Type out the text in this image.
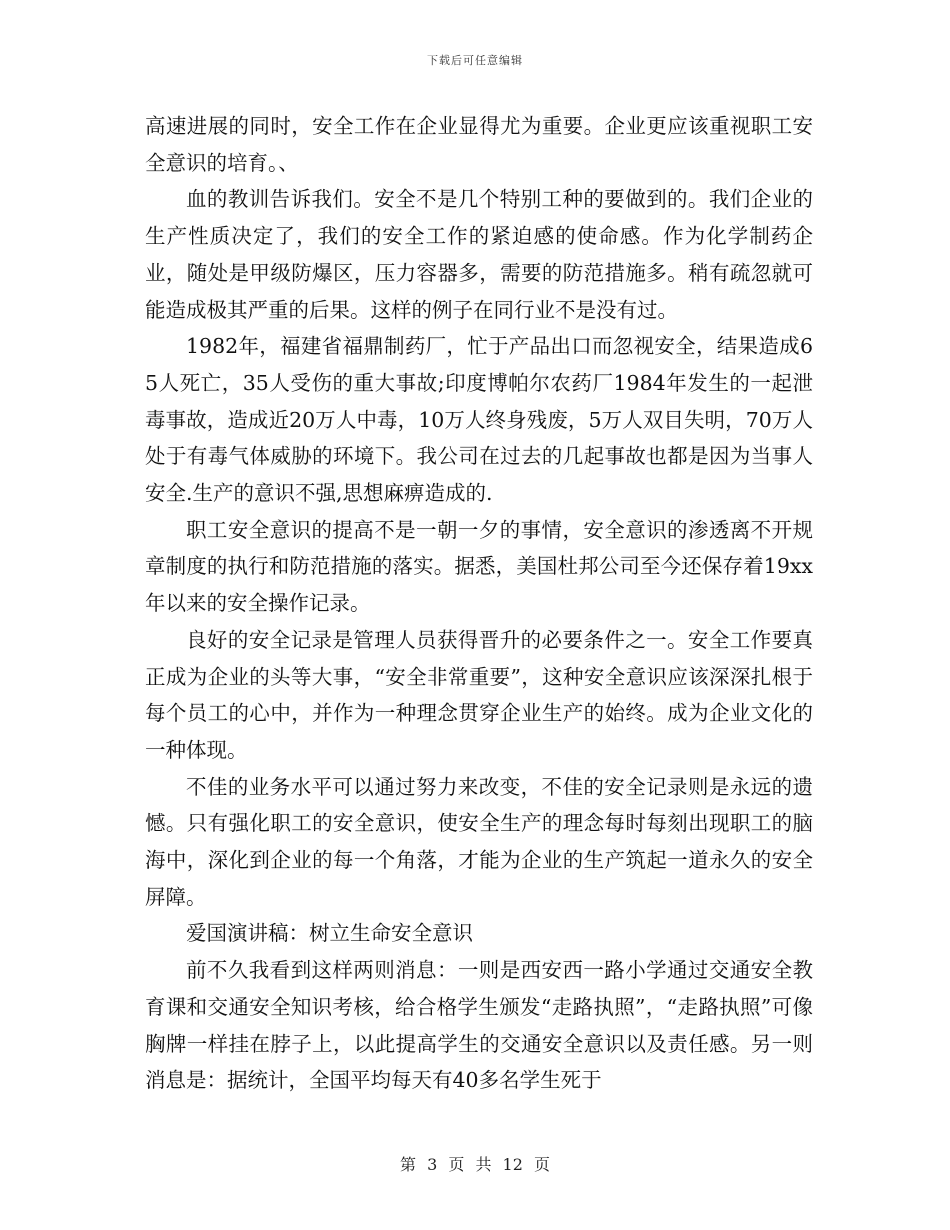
下载后可任意编辑

高速进展的同时，安全工作在企业显得尤为重要。企业更应该重视职工安全意识的培育。、

血的教训告诉我们。安全不是几个特别工种的要做到的。我们企业的生产性质决定了，我们的安全工作的紧迫感的使命感。作为化学制药企业，随处是甲级防爆区，压力容器多，需要的防范措施多。稍有疏忽就可能造成极其严重的后果。这样的例子在同行业不是没有过。

1982年，福建省福鼎制药厂，忙于产品出口而忽视安全，结果造成65人死亡，35人受伤的重大事故;印度博帕尔农药厂1984年发生的一起泄毒事故，造成近20万人中毒，10万人终身残废，5万人双目失明，70万人处于有毒气体威胁的环境下。我公司在过去的几起事故也都是因为当事人安全.生产的意识不强,思想麻痹造成的.

职工安全意识的提高不是一朝一夕的事情，安全意识的渗透离不开规章制度的执行和防范措施的落实。据悉，美国杜邦公司至今还保存着19xx年以来的安全操作记录。

良好的安全记录是管理人员获得晋升的必要条件之一。安全工作要真正成为企业的头等大事，“安全非常重要”，这种安全意识应该深深扎根于每个员工的心中，并作为一种理念贯穿企业生产的始终。成为企业文化的一种体现。

不佳的业务水平可以通过努力来改变，不佳的安全记录则是永远的遗憾。只有强化职工的安全意识，使安全生产的理念每时每刻出现职工的脑海中，深化到企业的每一个角落，才能为企业的生产筑起一道永久的安全屏障。

爱国演讲稿：树立生命安全意识

前不久我看到这样两则消息：一则是西安西一路小学通过交通安全教育课和交通安全知识考核，给合格学生颁发“走路执照”，“走路执照”可像胸牌一样挂在脖子上，以此提高学生的交通安全意识以及责任感。另一则消息是：据统计，全国平均每天有40多名学生死于

第 3 页 共 12 页
